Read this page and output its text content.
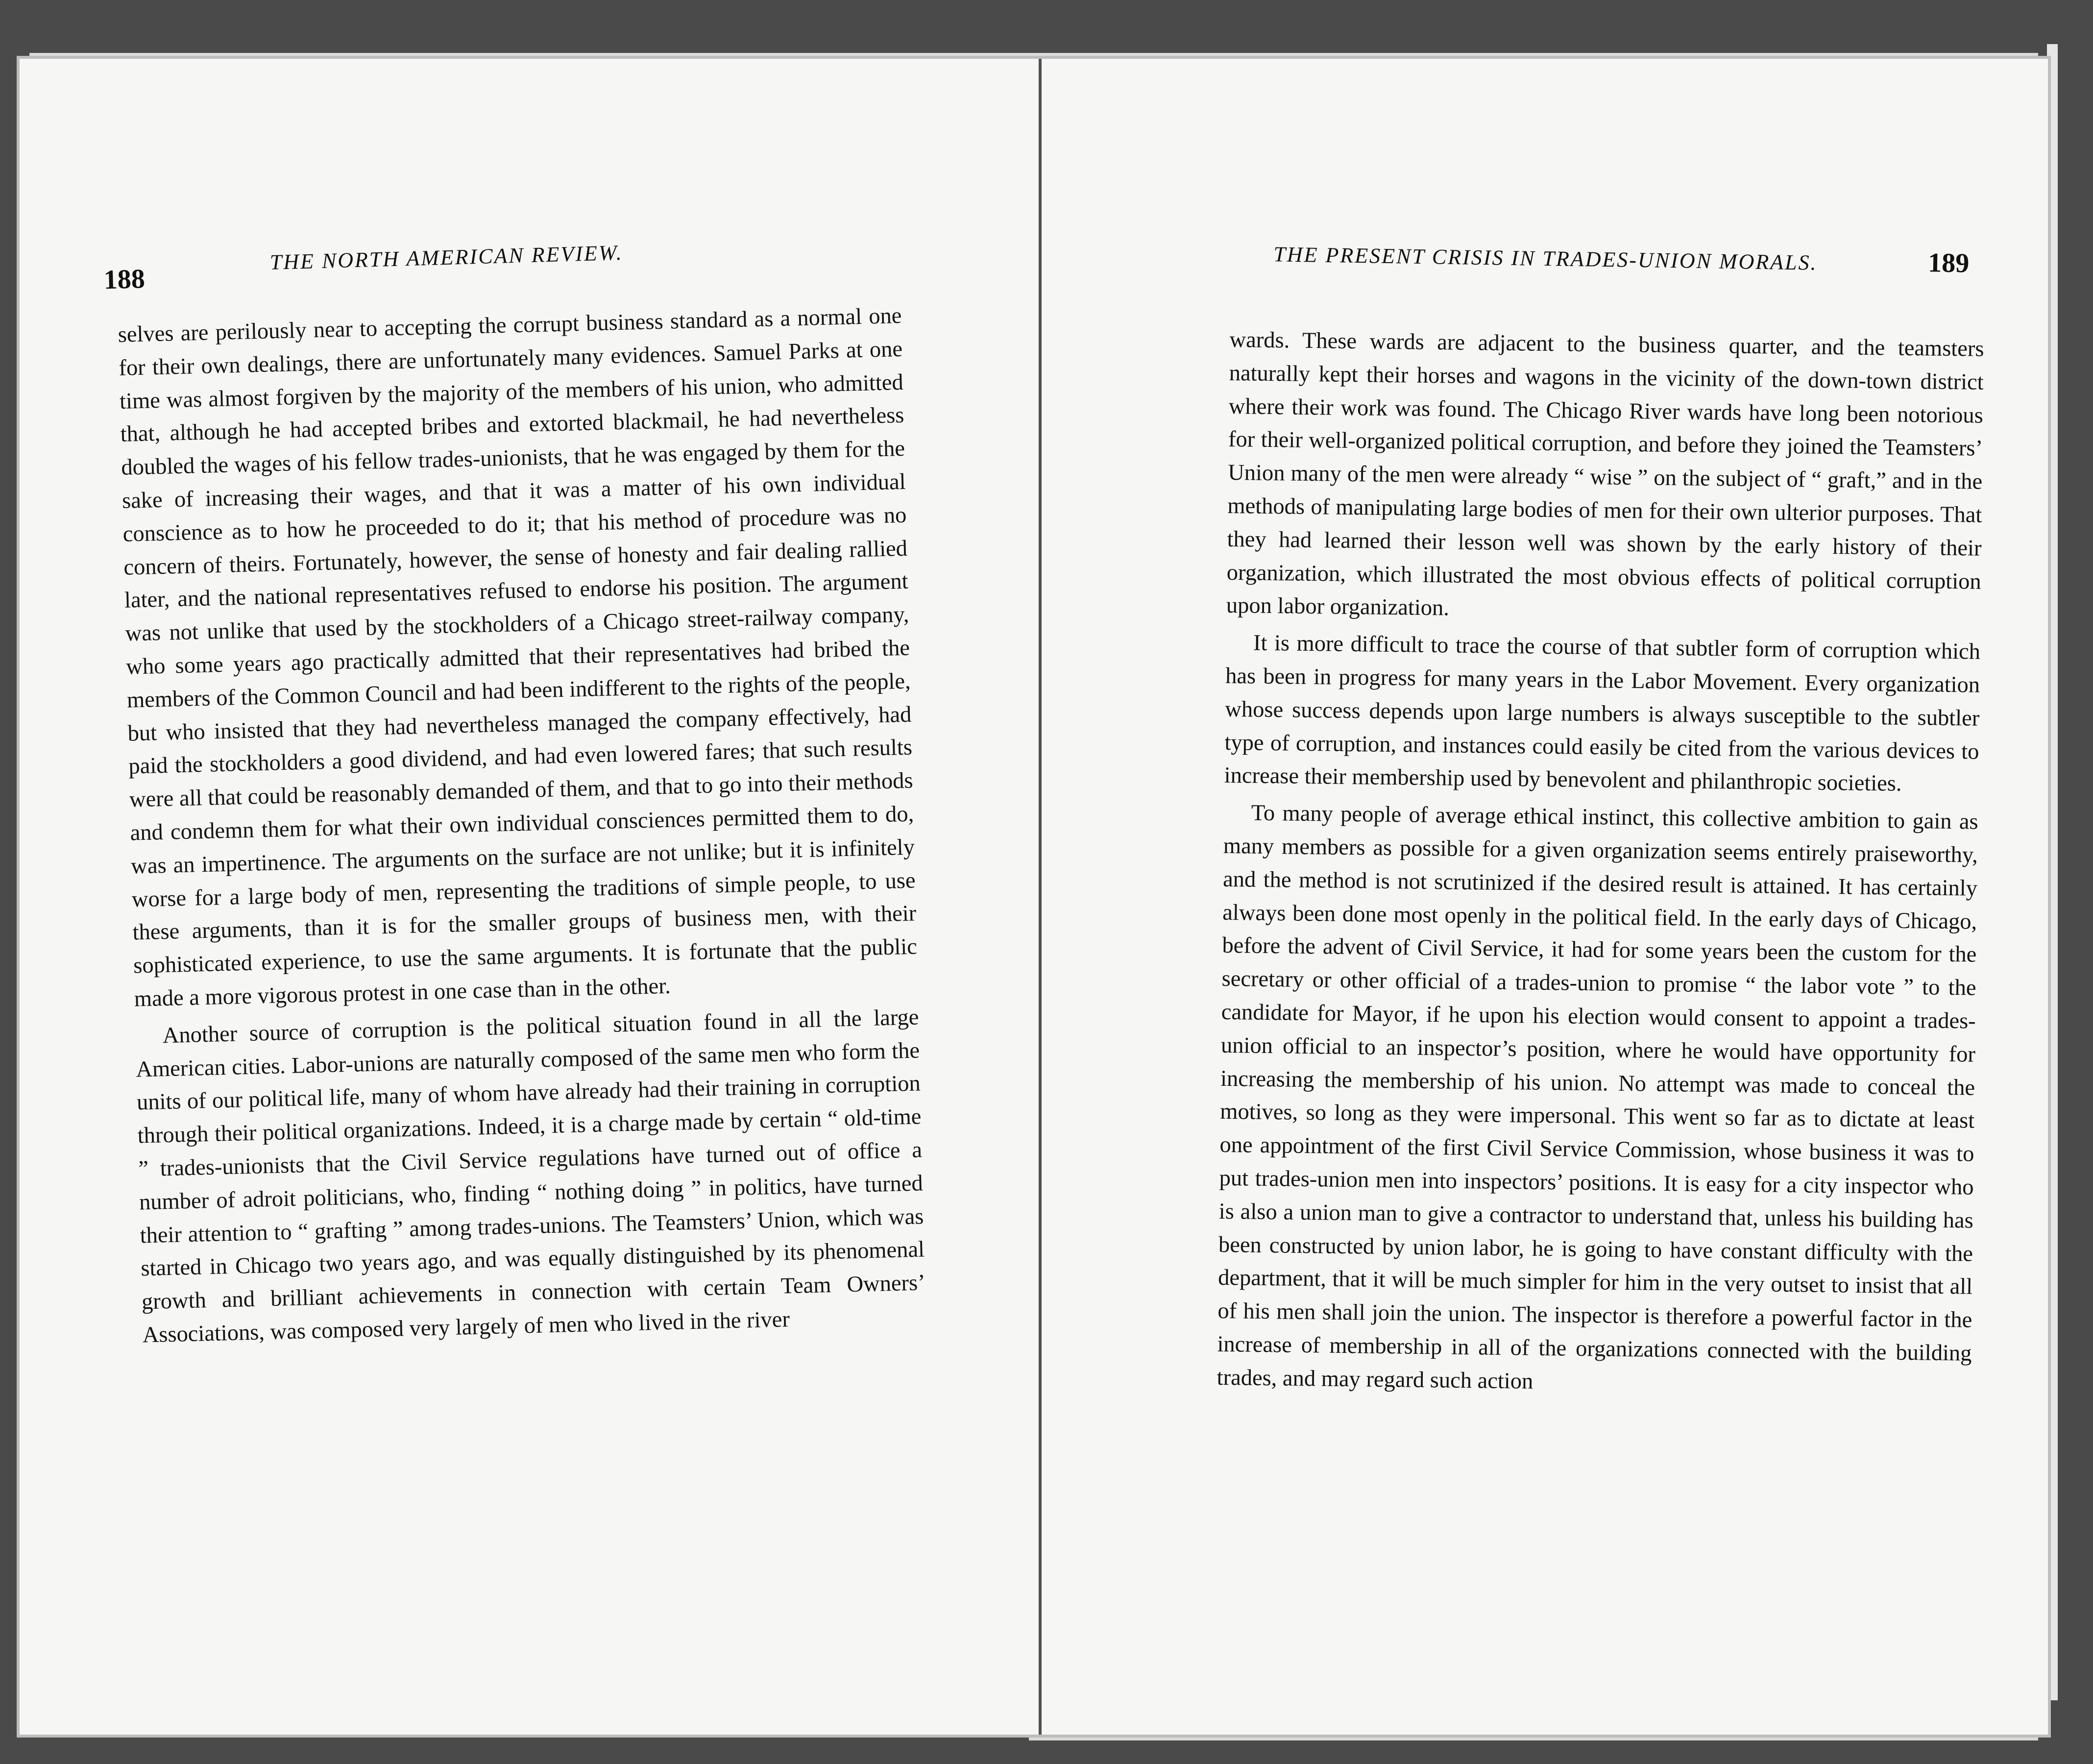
188
THE NORTH AMERICAN REVIEW.

selves are perilously near to accepting the corrupt business standard as a normal one for their own dealings, there are unfortunately many evidences. Samuel Parks at one time was almost forgiven by the majority of the members of his union, who admitted that, although he had accepted bribes and extorted blackmail, he had nevertheless doubled the wages of his fellow trades-unionists, that he was engaged by them for the sake of increasing their wages, and that it was a matter of his own individual conscience as to how he proceeded to do it; that his method of procedure was no concern of theirs. Fortunately, however, the sense of honesty and fair dealing rallied later, and the national representatives refused to endorse his position. The argument was not unlike that used by the stockholders of a Chicago street-railway company, who some years ago practically admitted that their representatives had bribed the members of the Common Council and had been indifferent to the rights of the people, but who insisted that they had nevertheless managed the company effectively, had paid the stockholders a good dividend, and had even lowered fares; that such results were all that could be reasonably demanded of them, and that to go into their methods and condemn them for what their own individual consciences permitted them to do, was an impertinence. The arguments on the surface are not unlike; but it is infinitely worse for a large body of men, representing the traditions of simple people, to use these arguments, than it is for the smaller groups of business men, with their sophisticated experience, to use the same arguments. It is fortunate that the public made a more vigorous protest in one case than in the other.

Another source of corruption is the political situation found in all the large American cities. Labor-unions are naturally composed of the same men who form the units of our political life, many of whom have already had their training in corruption through their political organizations. Indeed, it is a charge made by certain “ old-time ” trades-unionists that the Civil Service regulations have turned out of office a number of adroit politicians, who, finding “ nothing doing ” in politics, have turned their attention to “ grafting ” among trades-unions. The Teamsters’ Union, which was started in Chicago two years ago, and was equally distinguished by its phenomenal growth and brilliant achievements in connection with certain Team Owners’ Associations, was composed very largely of men who lived in the river

THE PRESENT CRISIS IN TRADES-UNION MORALS.	189

wards. These wards are adjacent to the business quarter, and the teamsters naturally kept their horses and wagons in the vicinity of the down-town district where their work was found. The Chicago River wards have long been notorious for their well-organized political corruption, and before they joined the Teamsters’ Union many of the men were already “ wise ” on the subject of “ graft,” and in the methods of manipulating large bodies of men for their own ulterior purposes. That they had learned their lesson well was shown by the early history of their organization, which illustrated the most obvious effects of political corruption upon labor organization.

It is more difficult to trace the course of that subtler form of corruption which has been in progress for many years in the Labor Movement. Every organization whose success depends upon large numbers is always susceptible to the subtler type of corruption, and instances could easily be cited from the various devices to increase their membership used by benevolent and philanthropic societies.

To many people of average ethical instinct, this collective ambition to gain as many members as possible for a given organization seems entirely praiseworthy, and the method is not scrutinized if the desired result is attained. It has certainly always been done most openly in the political field. In the early days of Chicago, before the advent of Civil Service, it had for some years been the custom for the secretary or other official of a trades-union to promise “ the labor vote ” to the candidate for Mayor, if he upon his election would consent to appoint a trades-union official to an inspector’s position, where he would have opportunity for increasing the membership of his union. No attempt was made to conceal the motives, so long as they were impersonal. This went so far as to dictate at least one appointment of the first Civil Service Commission, whose business it was to put trades-union men into inspectors’ positions. It is easy for a city inspector who is also a union man to give a contractor to understand that, unless his building has been constructed by union labor, he is going to have constant difficulty with the department, that it will be much simpler for him in the very outset to insist that all of his men shall join the union. The inspector is therefore a powerful factor in the increase of membership in all of the organizations connected with the building trades, and may regard such action
